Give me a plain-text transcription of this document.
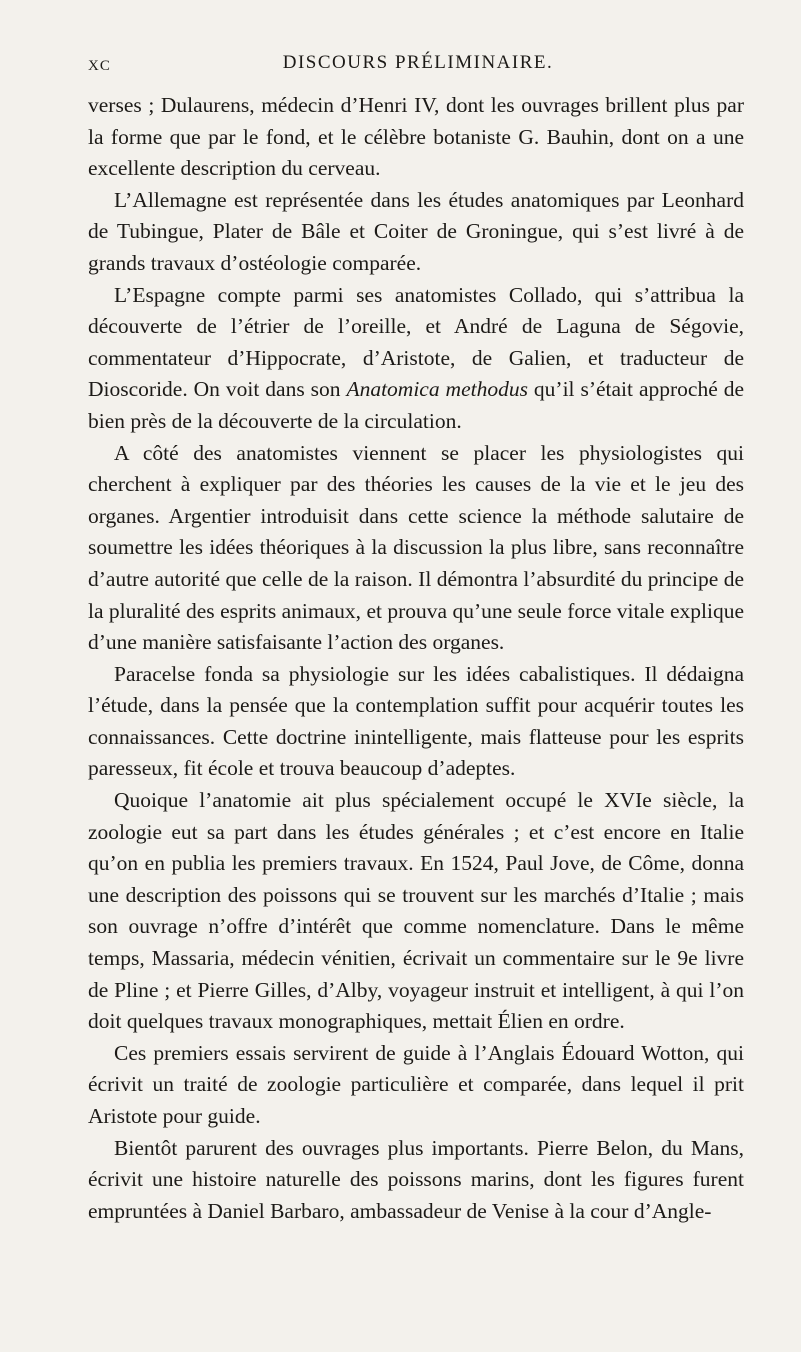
XC	DISCOURS PRÉLIMINAIRE.

verses ; Dulaurens, médecin d’Henri IV, dont les ouvrages brillent plus par la forme que par le fond, et le célèbre botaniste G. Bauhin, dont on a une excellente description du cerveau.

L’Allemagne est représentée dans les études anatomiques par Leonhard de Tubingue, Plater de Bâle et Coiter de Groningue, qui s’est livré à de grands travaux d’ostéologie comparée.

L’Espagne compte parmi ses anatomistes Collado, qui s’attribua la découverte de l’étrier de l’oreille, et André de Laguna de Ségovie, commentateur d’Hippocrate, d’Aristote, de Galien, et traducteur de Dioscoride. On voit dans son Anatomica methodus qu’il s’était approché de bien près de la découverte de la circulation.

A côté des anatomistes viennent se placer les physiologistes qui cherchent à expliquer par des théories les causes de la vie et le jeu des organes. Argentier introduisit dans cette science la méthode salutaire de soumettre les idées théoriques à la discussion la plus libre, sans reconnaître d’autre autorité que celle de la raison. Il démontra l’absurdité du principe de la pluralité des esprits animaux, et prouva qu’une seule force vitale explique d’une manière satisfaisante l’action des organes.

Paracelse fonda sa physiologie sur les idées cabalistiques. Il dédaigna l’étude, dans la pensée que la contemplation suffit pour acquérir toutes les connaissances. Cette doctrine inintelligente, mais flatteuse pour les esprits paresseux, fit école et trouva beaucoup d’adeptes.

Quoique l’anatomie ait plus spécialement occupé le XVIe siècle, la zoologie eut sa part dans les études générales ; et c’est encore en Italie qu’on en publia les premiers travaux. En 1524, Paul Jove, de Côme, donna une description des poissons qui se trouvent sur les marchés d’Italie ; mais son ouvrage n’offre d’intérêt que comme nomenclature. Dans le même temps, Massaria, médecin vénitien, écrivait un commentaire sur le 9e livre de Pline ; et Pierre Gilles, d’Alby, voyageur instruit et intelligent, à qui l’on doit quelques travaux monographiques, mettait Élien en ordre.

Ces premiers essais servirent de guide à l’Anglais Édouard Wotton, qui écrivit un traité de zoologie particulière et comparée, dans lequel il prit Aristote pour guide.

Bientôt parurent des ouvrages plus importants. Pierre Belon, du Mans, écrivit une histoire naturelle des poissons marins, dont les figures furent empruntées à Daniel Barbaro, ambassadeur de Venise à la cour d’Angle-
